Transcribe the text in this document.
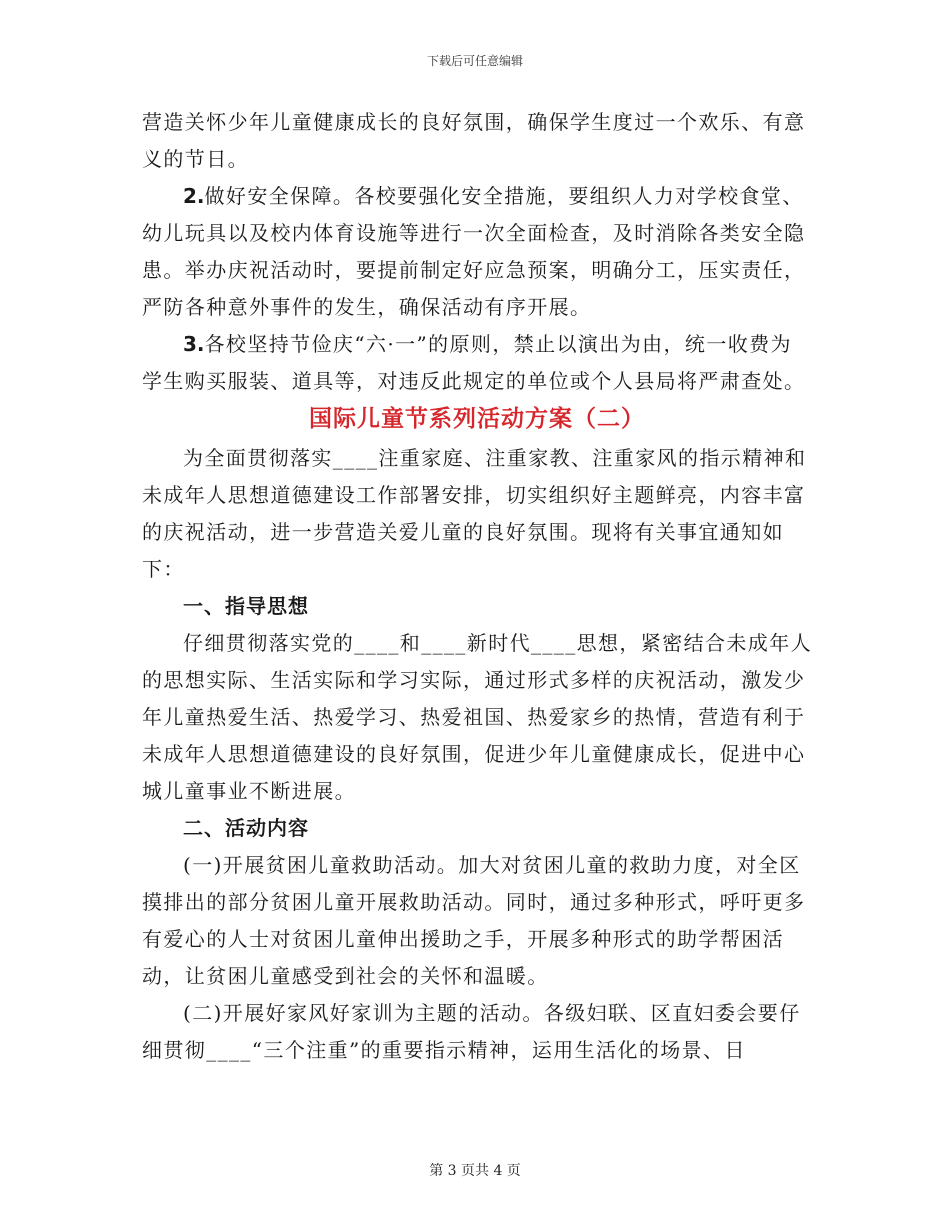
下载后可任意编辑

营造关怀少年儿童健康成长的良好氛围，确保学生度过一个欢乐、有意义的节日。

2.做好安全保障。各校要强化安全措施，要组织人力对学校食堂、幼儿玩具以及校内体育设施等进行一次全面检查，及时消除各类安全隐患。举办庆祝活动时，要提前制定好应急预案，明确分工，压实责任，严防各种意外事件的发生，确保活动有序开展。

3.各校坚持节俭庆“六·一”的原则，禁止以演出为由，统一收费为学生购买服装、道具等，对违反此规定的单位或个人县局将严肃查处。

国际儿童节系列活动方案（二）

为全面贯彻落实____注重家庭、注重家教、注重家风的指示精神和未成年人思想道德建设工作部署安排，切实组织好主题鲜亮，内容丰富的庆祝活动，进一步营造关爱儿童的良好氛围。现将有关事宜通知如下：

一、指导思想

仔细贯彻落实党的____和____新时代____思想，紧密结合未成年人的思想实际、生活实际和学习实际，通过形式多样的庆祝活动，激发少年儿童热爱生活、热爱学习、热爱祖国、热爱家乡的热情，营造有利于未成年人思想道德建设的良好氛围，促进少年儿童健康成长，促进中心城儿童事业不断进展。

二、活动内容

(一)开展贫困儿童救助活动。加大对贫困儿童的救助力度，对全区摸排出的部分贫困儿童开展救助活动。同时，通过多种形式，呼吁更多有爱心的人士对贫困儿童伸出援助之手，开展多种形式的助学帮困活动，让贫困儿童感受到社会的关怀和温暖。

(二)开展好家风好家训为主题的活动。各级妇联、区直妇委会要仔细贯彻____“三个注重”的重要指示精神，运用生活化的场景、日

第 3 页共 4 页
